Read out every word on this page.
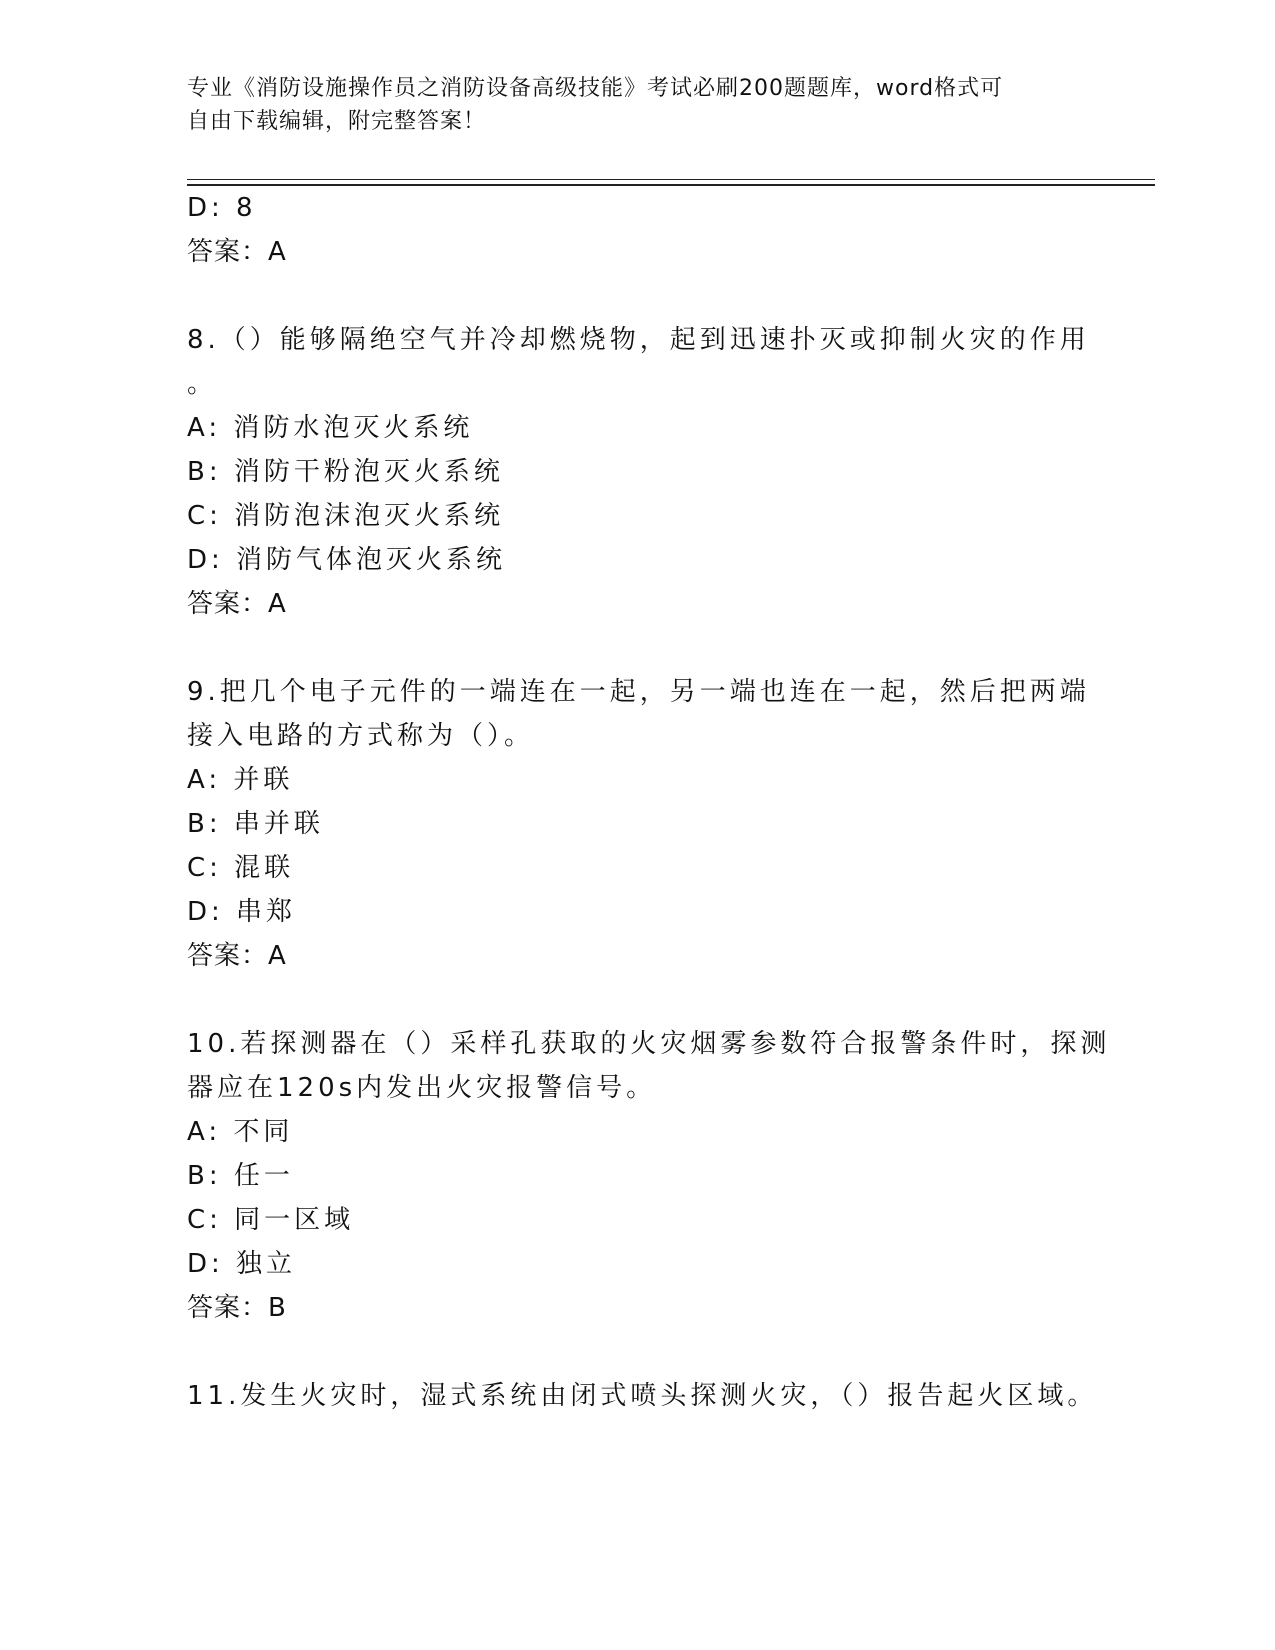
专业《消防设施操作员之消防设备高级技能》考试必刷200题题库，word格式可
自由下载编辑，附完整答案！
D: 8
答案：A
8.（）能够隔绝空气并冷却燃烧物，起到迅速扑灭或抑制火灾的作用
。
A: 消防水泡灭火系统
B: 消防干粉泡灭火系统
C: 消防泡沫泡灭火系统
D: 消防气体泡灭火系统
答案：A
9.把几个电子元件的一端连在一起，另一端也连在一起，然后把两端
接入电路的方式称为（）。
A: 并联
B: 串并联
C: 混联
D: 串郑
答案：A
10.若探测器在（）采样孔获取的火灾烟雾参数符合报警条件时，探测
器应在120s内发出火灾报警信号。
A: 不同
B: 任一
C: 同一区域
D: 独立
答案：B
11.发生火灾时，湿式系统由闭式喷头探测火灾，（）报告起火区域。
